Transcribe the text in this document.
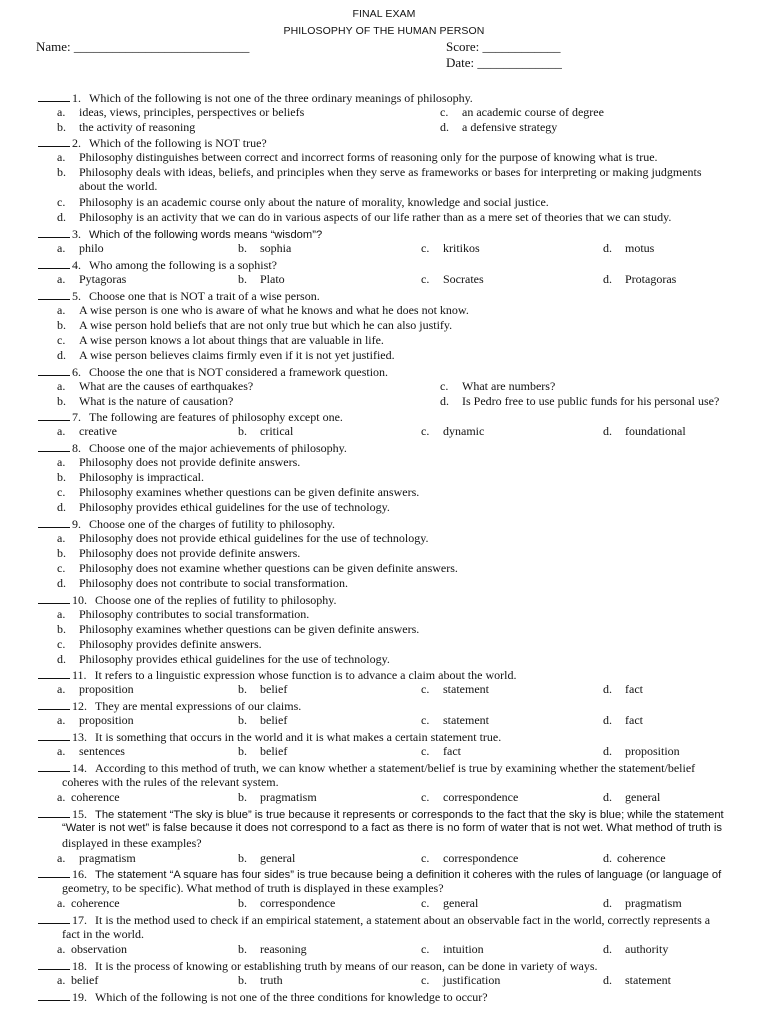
FINAL EXAM
PHILOSOPHY OF THE HUMAN PERSON
Name: ___________________________	Score: ____________
Date: _____________
1. Which of the following is not one of the three ordinary meanings of philosophy.
a. ideas, views, principles, perspectives or beliefs
b. the activity of reasoning
c. an academic course of degree
d. a defensive strategy
2. Which of the following is NOT true?
a. Philosophy distinguishes between correct and incorrect forms of reasoning only for the purpose of knowing what is true.
b. Philosophy deals with ideas, beliefs, and principles when they serve as frameworks or bases for interpreting or making judgments
about the world.
c. Philosophy is an academic course only about the nature of morality, knowledge and social justice.
d. Philosophy is an activity that we can do in various aspects of our life rather than as a mere set of theories that we can study.
3. Which of the following words means “wisdom”?
a. philo	b. sophia	c. kritikos	d. motus
4. Who among the following is a sophist?
a. Pytagoras	b. Plato	c. Socrates	d. Protagoras
5. Choose one that is NOT a trait of a wise person.
a. A wise person is one who is aware of what he knows and what he does not know.
b. A wise person hold beliefs that are not only true but which he can also justify.
c. A wise person knows a lot about things that are valuable in life.
d. A wise person believes claims firmly even if it is not yet justified.
6. Choose the one that is NOT considered a framework question.
a. What are the causes of earthquakes?
b. What is the nature of causation?
c. What are numbers?
d. Is Pedro free to use public funds for his personal use?
7. The following are features of philosophy except one.
a. creative	b. critical	c. dynamic	d. foundational
8. Choose one of the major achievements of philosophy.
a. Philosophy does not provide definite answers.
b. Philosophy is impractical.
c. Philosophy examines whether questions can be given definite answers.
d. Philosophy provides ethical guidelines for the use of technology.
9. Choose one of the charges of futility to philosophy.
a. Philosophy does not provide ethical guidelines for the use of technology.
b. Philosophy does not provide definite answers.
c. Philosophy does not examine whether questions can be given definite answers.
d. Philosophy does not contribute to social transformation.
10. Choose one of the replies of futility to philosophy.
a. Philosophy contributes to social transformation.
b. Philosophy examines whether questions can be given definite answers.
c. Philosophy provides definite answers.
d. Philosophy provides ethical guidelines for the use of technology.
11. It refers to a linguistic expression whose function is to advance a claim about the world.
a. proposition	b. belief	c. statement	d. fact
12. They are mental expressions of our claims.
a. proposition	b. belief	c. statement	d. fact
13. It is something that occurs in the world and it is what makes a certain statement true.
a. sentences	b. belief	c. fact	d. proposition
14. According to this method of truth, we can know whether a statement/belief is true by examining whether the statement/belief
coheres with the rules of the relevant system.
a. coherence	b. pragmatism	c. correspondence	d. general
15. The statement “The sky is blue” is true because it represents or corresponds to the fact that the sky is blue; while the statement
“Water is not wet” is false because it does not correspond to a fact as there is no form of water that is not wet. What method of truth is
displayed in these examples?
a. pragmatism	b. general	c. correspondence	d. coherence
16. The statement “A square has four sides” is true because being a definition it coheres with the rules of language (or language of
geometry, to be specific). What method of truth is displayed in these examples?
a. coherence	b. correspondence	c. general	d. pragmatism
17. It is the method used to check if an empirical statement, a statement about an observable fact in the world, correctly represents a
fact in the world.
a. observation	b. reasoning	c. intuition	d. authority
18. It is the process of knowing or establishing truth by means of our reason, can be done in variety of ways.
a. belief	b. truth	c. justification	d. statement
19. Which of the following is not one of the three conditions for knowledge to occur?
